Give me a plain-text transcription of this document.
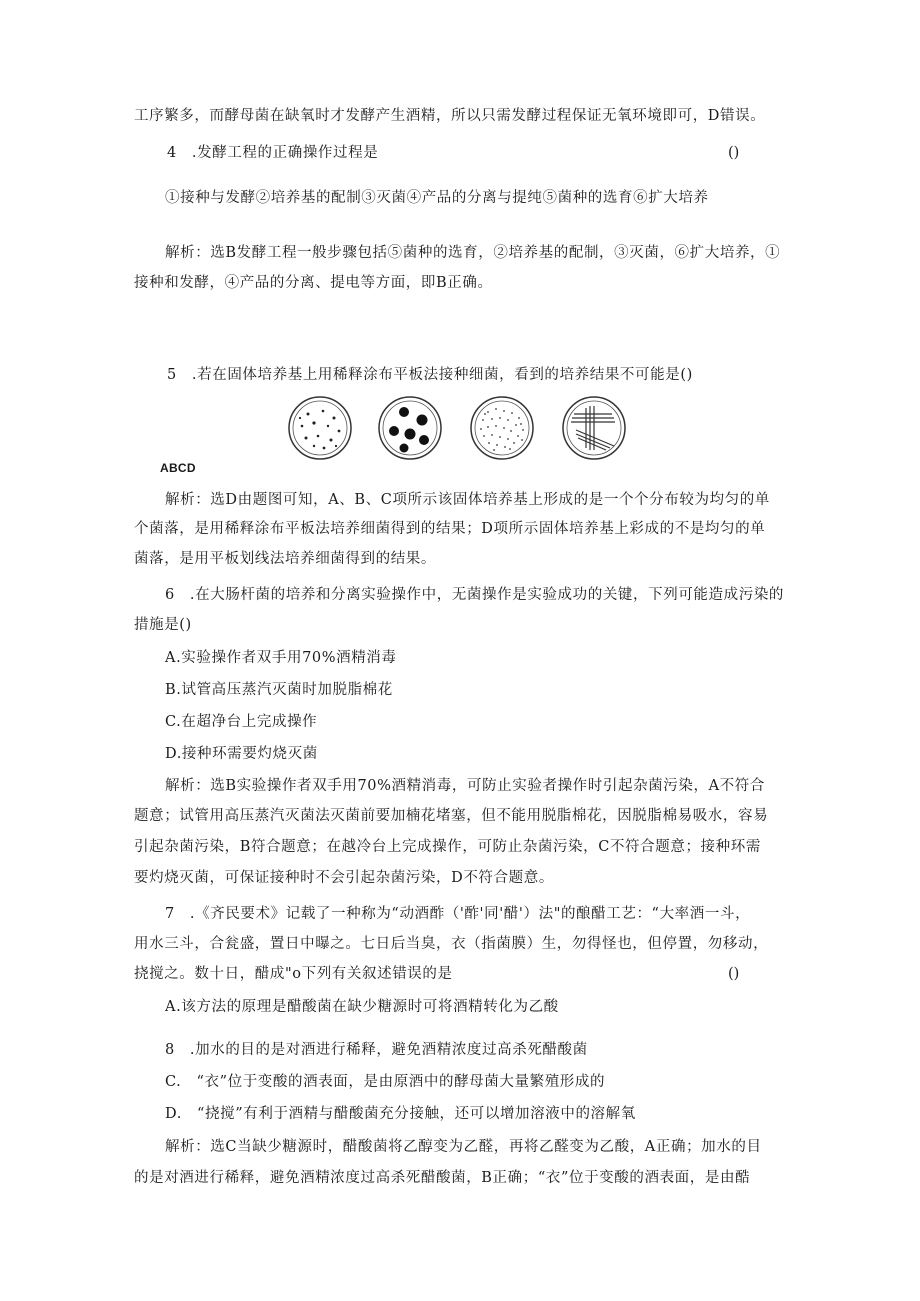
工序繁多，而酵母菌在缺氧时才发酵产生酒精，所以只需发酵过程保证无氧环境即可，D错误。
4　.发酵工程的正确操作过程是	()
①接种与发酵②培养基的配制③灭菌④产品的分离与提纯⑤菌种的选育⑥扩大培养
解析：选B发酵工程一般步骤包括⑤菌种的选育，②培养基的配制，③灭菌，⑥扩大培养，①
接种和发酵，④产品的分离、提电等方面，即B正确。
5　.若在固体培养基上用稀释涂布平板法接种细菌，看到的培养结果不可能是()
ABCD
解析：选D由题图可知，A、B、C项所示该固体培养基上形成的是一个个分布较为均匀的单
个菌落，是用稀释涂布平板法培养细菌得到的结果；D项所示固体培养基上彩成的不是均匀的单
菌落，是用平板划线法培养细菌得到的结果。
6　.在大肠杆菌的培养和分离实验操作中，无菌操作是实验成功的关键，下列可能造成污染的
措施是()
A.实验操作者双手用70%酒精消毒
B.试管高压蒸汽灭菌时加脱脂棉花
C.在超净台上完成操作
D.接种环需要灼烧灭菌
解析：选B实验操作者双手用70%酒精消毒，可防止实验者操作时引起杂菌污染，A不符合
题意；试管用高压蒸汽灭菌法灭菌前要加楠花堵塞，但不能用脱脂棉花，因脱脂棉易吸水，容易
引起杂菌污染，B符合题意；在越冷台上完成操作，可防止杂菌污染，C不符合题意；接种环需
要灼烧灭菌，可保证接种时不会引起杂菌污染，D不符合题意。
7　.《齐民要术》记载了一种称为“动酒酢（'酢'同'醋'）法"的酿醋工艺：“大率酒一斗，
用水三斗，合瓮盛，置日中曝之。七日后当臭，衣（指菌膜）生，勿得怪也，但停置，勿移动，
挠搅之。数十日，醋成"o下列有关叙述错误的是	()
A.该方法的原理是醋酸菌在缺少糖源时可将酒精转化为乙酸
8　.加水的目的是对酒进行稀释，避免酒精浓度过高杀死醋酸菌
C.　“衣”位于变酸的酒表面，是由原酒中的酵母菌大量繁殖形成的
D.　“挠搅”有利于酒精与醋酸菌充分接触，还可以增加溶液中的溶解氧
解析：选C当缺少糖源时，醋酸菌将乙醇变为乙醛，再将乙醛变为乙酸，A正确；加水的目
的是对酒进行稀释，避免酒精浓度过高杀死醋酸菌，B正确；“衣”位于变酸的酒表面，是由酷
